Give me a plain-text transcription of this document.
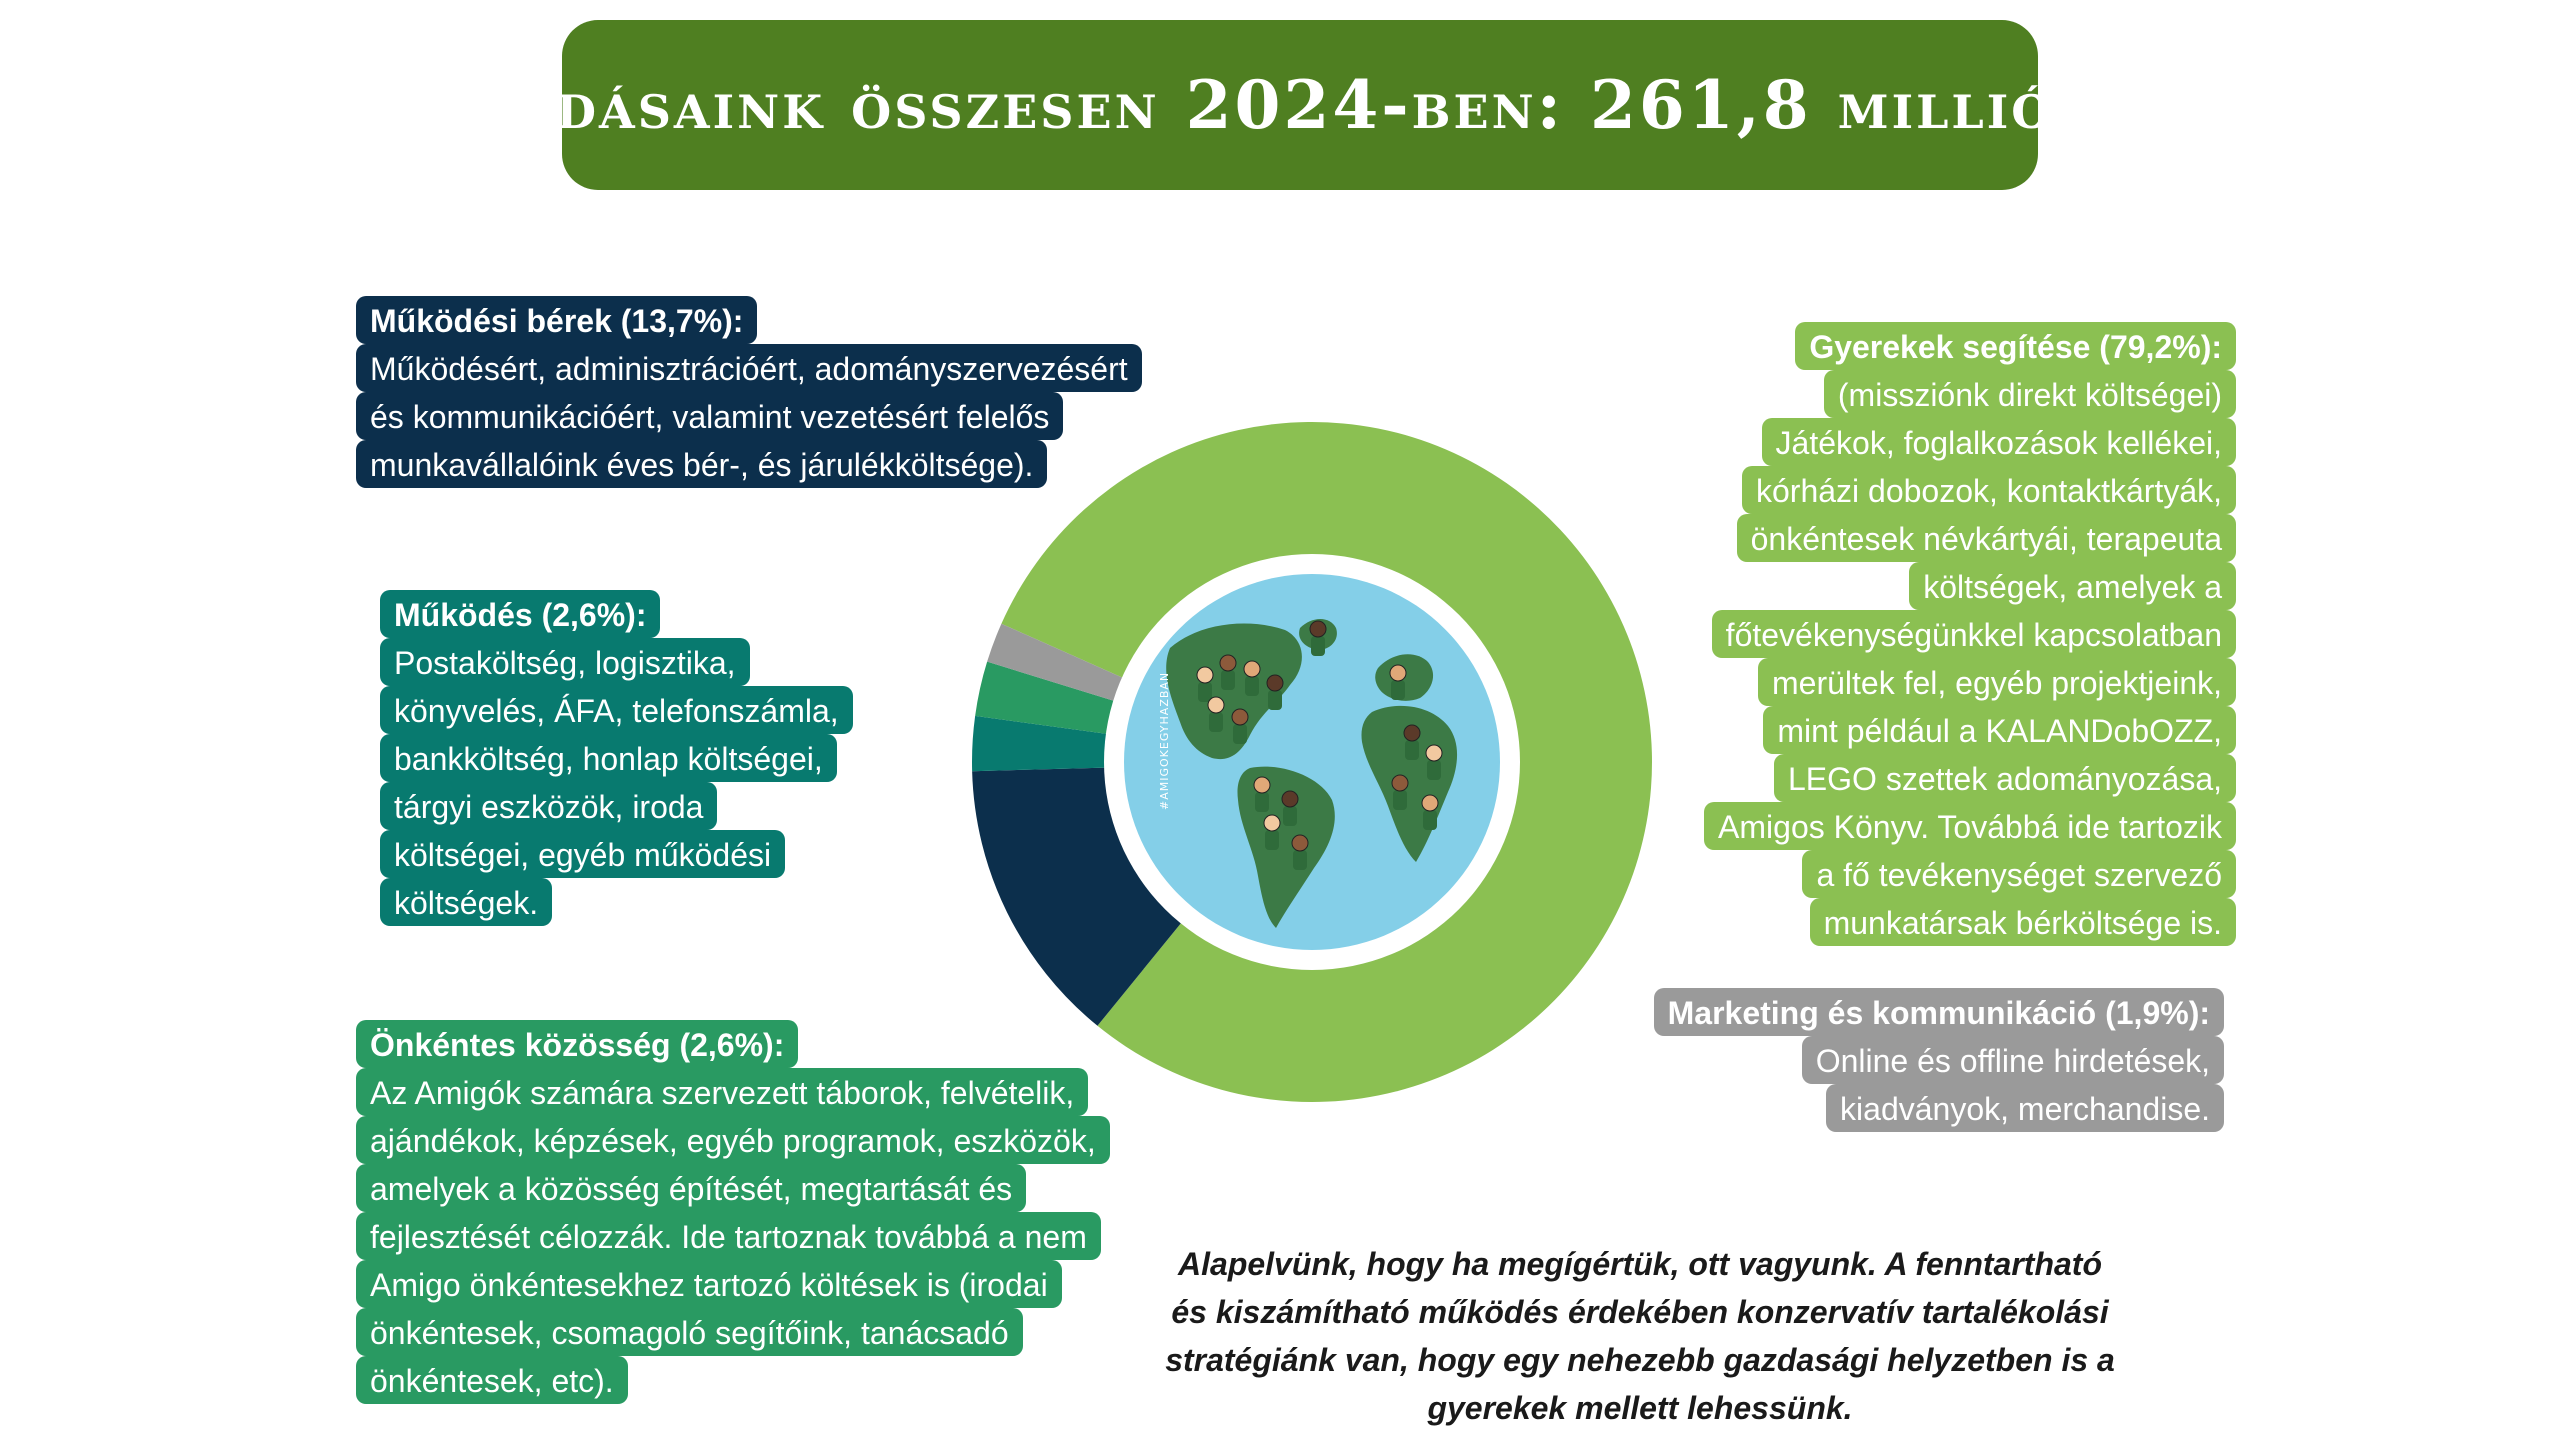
Kiadásaink összesen 2024-ben: 261,8 millió Ft
#AMIGOKEGYHAZBAN
Működési bérek (13,7%):
Működésért, adminisztrációért, adományszervezésért
és kommunikációért, valamint vezetésért felelős
munkavállalóink éves bér-, és járulékköltsége).
Működés (2,6%):
Postaköltség, logisztika,
könyvelés, ÁFA, telefonszámla,
bankköltség, honlap költségei,
tárgyi eszközök, iroda
költségei, egyéb működési
költségek.
Önkéntes közösség (2,6%):
Az Amigók számára szervezett táborok, felvételik,
ajándékok, képzések, egyéb programok, eszközök,
amelyek a közösség építését, megtartását és
fejlesztését célozzák. Ide tartoznak továbbá a nem
Amigo önkéntesekhez tartozó költések is (irodai
önkéntesek, csomagoló segítőink, tanácsadó
önkéntesek, etc).
Gyerekek segítése (79,2%):
(missziónk direkt költségei)
Játékok, foglalkozások kellékei,
kórházi dobozok, kontaktkártyák,
önkéntesek névkártyái, terapeuta
költségek, amelyek a
főtevékenységünkkel kapcsolatban
merültek fel, egyéb projektjeink,
mint például a KALANDobOZZ,
LEGO szettek adományozása,
Amigos Könyv. Továbbá ide tartozik
a fő tevékenységet szervező
munkatársak bérköltsége is.
Marketing és kommunikáció (1,9%):
Online és offline hirdetések,
kiadványok, merchandise.
Alapelvünk, hogy ha megígértük, ott vagyunk. A fenntartható
és kiszámítható működés érdekében konzervatív tartalékolási
stratégiánk van, hogy egy nehezebb gazdasági helyzetben is a
gyerekek mellett lehessünk.
